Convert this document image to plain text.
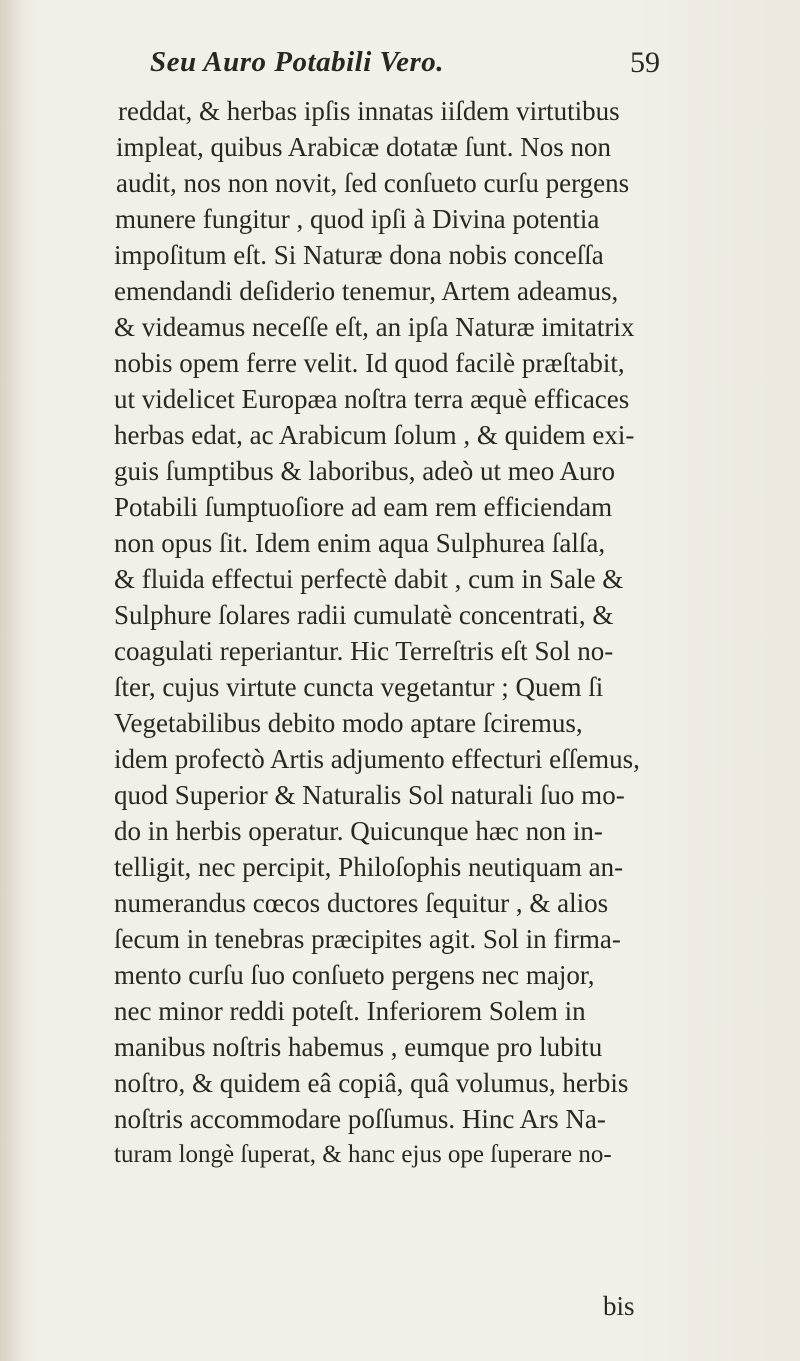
Seu Auro Potabili Vero.	59
reddat, & herbas ipſis innatas iiſdem virtutibus
impleat, quibus Arabicæ dotatæ ſunt. Nos non
audit, nos non novit, ſed conſueto curſu pergens
munere fungitur , quod ipſi à Divina potentia
impoſitum eſt. Si Naturæ dona nobis conceſſa
emendandi deſiderio tenemur, Artem adeamus,
& videamus neceſſe eſt, an ipſa Naturæ imitatrix
nobis opem ferre velit. Id quod facilè præſtabit,
ut videlicet Europæa noſtra terra æquè efficaces
herbas edat, ac Arabicum ſolum , & quidem exi-
guis ſumptibus & laboribus, adeò ut meo Auro
Potabili ſumptuoſiore ad eam rem efficiendam
non opus ſit. Idem enim aqua Sulphurea ſalſa,
& fluida effectui perfectè dabit , cum in Sale &
Sulphure ſolares radii cumulatè concentrati, &
coagulati reperiantur. Hic Terreſtris eſt Sol no-
ſter, cujus virtute cuncta vegetantur ; Quem ſi
Vegetabilibus debito modo aptare ſciremus,
idem profectò Artis adjumento effecturi eſſemus,
quod Superior & Naturalis Sol naturali ſuo mo-
do in herbis operatur. Quicunque hæc non in-
telligit, nec percipit, Philoſophis neutiquam an-
numerandus cœcos ductores ſequitur , & alios
ſecum in tenebras præcipites agit. Sol in firma-
mento curſu ſuo conſueto pergens nec major,
nec minor reddi poteſt. Inferiorem Solem in
manibus noſtris habemus , eumque pro lubitu
noſtro, & quidem eâ copiâ, quâ volumus, herbis
noſtris accommodare poſſumus. Hinc Ars Na-
turam longè ſuperat, & hanc ejus ope ſuperare no-
bis
